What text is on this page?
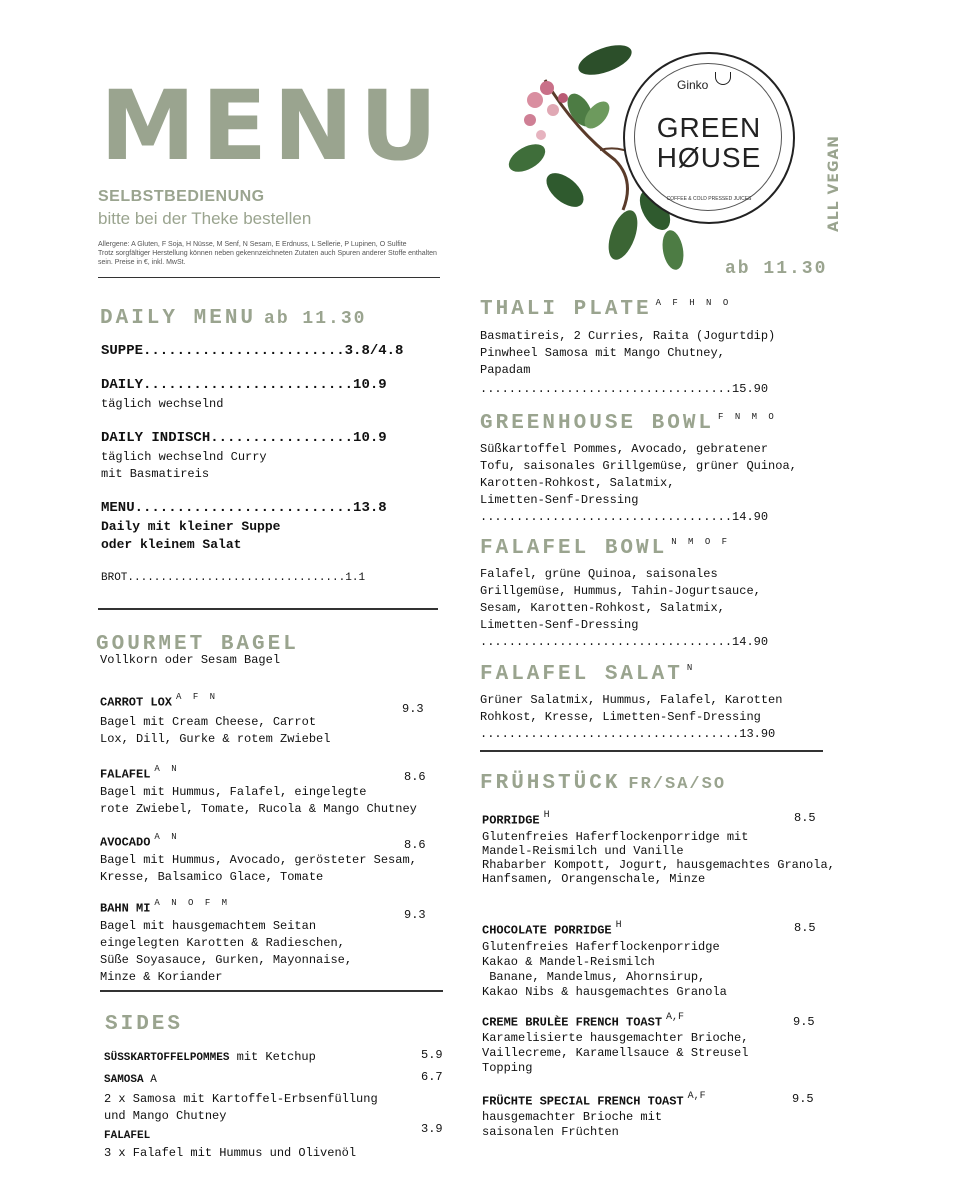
MENU
SELBSTBEDIENUNG
bitte bei der Theke bestellen
Allergene: A Gluten, F Soja, H Nüsse, M Senf, N Sesam, E Erdnuss, L Sellerie, P Lupinen, O Sulfite
Trotz sorgfältiger Herstellung können neben gekennzeichneten Zutaten auch Spuren anderer Stoffe enthalten sein. Preise in €, inkl. MwSt.
Ginko
GREEN
HØUSE
COFFEE & COLD PRESSED JUICES	ALL VEGAN
ab 11.30
DAILY MENU ab 11.30
SUPPE........................3.8/4.8
DAILY.........................10.9
täglich wechselnd
DAILY INDISCH.................10.9
täglich wechselnd Curry
mit Basmatireis
MENU..........................13.8
Daily mit kleiner Suppe
oder kleinem Salat
BROT.................................1.1
GOURMET BAGEL
Vollkorn oder Sesam Bagel
CARROT LOX $^{A F N}$
9.3
Bagel mit Cream Cheese, Carrot
Lox, Dill, Gurke & rotem Zwiebel
FALAFEL $^{A N}$
8.6
Bagel mit Hummus, Falafel, eingelegte
rote Zwiebel, Tomate, Rucola & Mango Chutney
AVOCADO $^{A N}$
8.6
Bagel mit Hummus, Avocado, gerösteter Sesam,
Kresse, Balsamico Glace, Tomate
BAHN MI $^{A N O F M}$
9.3
Bagel mit hausgemachtem Seitan
eingelegten Karotten & Radieschen,
Süße Soyasauce, Gurken, Mayonnaise,
Minze & Koriander
SIDES
SÜSSKARTOFFELPOMMES mit Ketchup	5.9
SAMOSA A	6.7
2 x Samosa mit Kartoffel-Erbsenfüllung
und Mango Chutney
FALAFEL	3.9
3 x Falafel mit Hummus und Olivenöl
THALI PLATE $^{A F H N O}$
Basmatireis, 2 Curries, Raita (Jogurtdip)
Pinwheel Samosa mit Mango Chutney,
Papadam
...................................15.90
GREENHOUSE BOWL $^{F N M O}$
Süßkartoffel Pommes, Avocado, gebratener
Tofu, saisonales Grillgemüse, grüner Quinoa,
Karotten-Rohkost, Salatmix,
Limetten-Senf-Dressing
...................................14.90
FALAFEL BOWL $^{N M O F}$
Falafel, grüne Quinoa, saisonales
Grillgemüse, Hummus, Tahin-Jogurtsauce,
Sesam, Karotten-Rohkost, Salatmix,
Limetten-Senf-Dressing
...................................14.90
FALAFEL SALAT $^N$
Grüner Salatmix, Hummus, Falafel, Karotten
Rohkost, Kresse, Limetten-Senf-Dressing
....................................13.90
FRÜHSTÜCK FR/SA/SO
PORRIDGE $^H$	8.5
Glutenfreies Haferflockenporridge mit
Mandel-Reismilch und Vanille
Rhabarber Kompott, Jogurt, hausgemachtes Granola,
Hanfsamen, Orangenschale, Minze
CHOCOLATE PORRIDGE $^H$	8.5
Glutenfreies Haferflockenporridge
Kakao & Mandel-Reismilch
Banane, Mandelmus, Ahornsirup,
Kakao Nibs & hausgemachtes Granola
CREME BRULÈE FRENCH TOAST $^{A,F}$	9.5
Karamelisierte hausgemachter Brioche,
Vaillecreme, Karamellsauce & Streusel
Topping
FRÜCHTE SPECIAL FRENCH TOAST $^{A,F}$	9.5
hausgemachter Brioche mit
saisonalen Früchten
